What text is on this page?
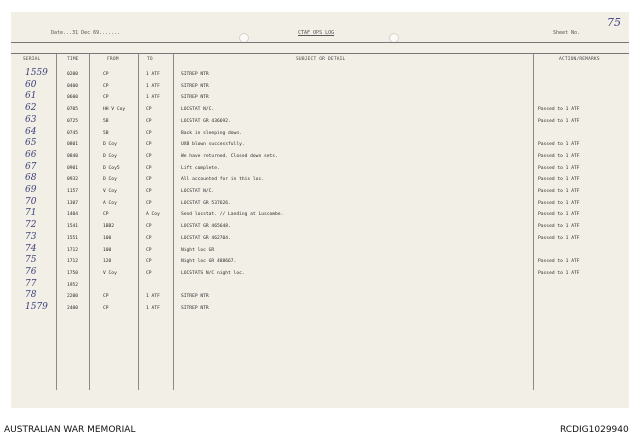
Date...31 Dec 69.......	CTAF OPS LOG	Sheet No.
75
SERIAL	TIME	FROM	TO	SUBJECT OR DETAIL	ACTION/REMARKS
1559	0200	CP	1 ATF	SITREP NTR
60	0400	CP	1 ATF	SITREP NTR
61	0600	CP	1 ATF	SITREP NTR
62	0705	HH V Coy	CP	LOCSTAT N/C.	Passed to 1 ATF
63	0725	5B	CP	LOCSTAT GR 436692.	Passed to 1 ATF
64	0745	5B	CP	Back in sleeping down.
65	0801	D Coy	CP	UXB blown successfully.	Passed to 1 ATF
66	0840	D Coy	CP	We have returned. Closed down sets.	Passed to 1 ATF
67	0901	D Coy5	CP	Lift complete.	Passed to 1 ATF
68	0932	D Coy	CP	All accounted for in this loc.	Passed to 1 ATF
69	1157	V Coy	CP	LOCSTAT N/C.	Passed to 1 ATF
70	1307	A Coy	CP	LOCSTAT GR 537626.	Passed to 1 ATF
71	1404	CP	A Coy	Send locstat. // Landing at Luscombe.	Passed to 1 ATF
72	1541	1BB2	CP	LOCSTAT GR 465648.	Passed to 1 ATF
73	1551	100	CP	LOCSTAT GR 462704.	Passed to 1 ATF
74	1712	100	CP	Night loc GR
75	1712	120	CP	Night loc GR 488667.	Passed to 1 ATF
76	1750	V Coy	CP	LOCSTATS N/C night loc.	Passed to 1 ATF
77	1952
78	2200	CP	1 ATF	SITREP NTR
1579	2400	CP	1 ATF	SITREP NTR
AUSTRALIAN WAR MEMORIAL	RCDIG1029940
